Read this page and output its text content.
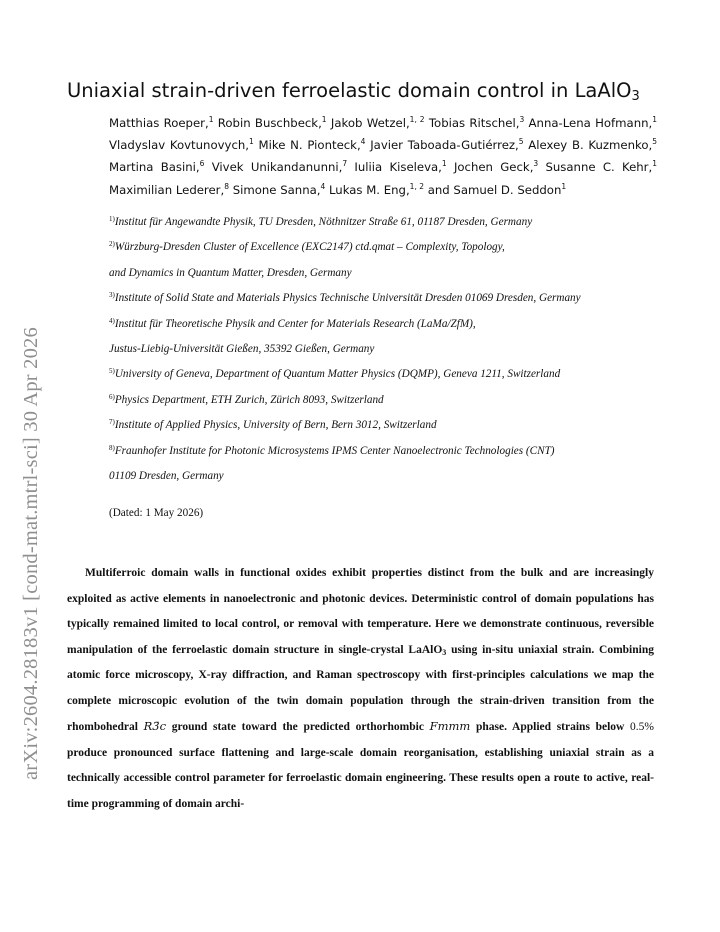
arXiv:2604.28183v1 [cond-mat.mtrl-sci] 30 Apr 2026
Uniaxial strain-driven ferroelastic domain control in LaAlO$_3$
Matthias Roeper,$^1$ Robin Buschbeck,$^1$ Jakob Wetzel,$^{1, 2}$ Tobias Ritschel,$^3$ Anna-Lena Hofmann,$^1$ Vladyslav Kovtunovych,$^1$ Mike N. Pionteck,$^4$ Javier Taboada-Gutiérrez,$^5$ Alexey B. Kuzmenko,$^5$ Martina Basini,$^6$ Vivek Unikandanunni,$^7$ Iuliia Kiseleva,$^1$ Jochen Geck,$^3$ Susanne C. Kehr,$^1$ Maximilian Lederer,$^8$ Simone Sanna,$^4$ Lukas M. Eng,$^{1, 2}$ and Samuel D. Seddon$^1$
$^{1)}$Institut für Angewandte Physik, TU Dresden, Nöthnitzer Straße 61, 01187 Dresden, Germany
$^{2)}$Würzburg-Dresden Cluster of Excellence (EXC2147) ctd.qmat – Complexity, Topology,
and Dynamics in Quantum Matter, Dresden, Germany
$^{3)}$Institute of Solid State and Materials Physics Technische Universität Dresden 01069 Dresden, Germany
$^{4)}$Institut für Theoretische Physik and Center for Materials Research (LaMa/ZfM),
Justus-Liebig-Universität Gießen, 35392 Gießen, Germany
$^{5)}$University of Geneva, Department of Quantum Matter Physics (DQMP), Geneva 1211, Switzerland
$^{6)}$Physics Department, ETH Zurich, Zürich 8093, Switzerland
$^{7)}$Institute of Applied Physics, University of Bern, Bern 3012, Switzerland
$^{8)}$Fraunhofer Institute for Photonic Microsystems IPMS Center Nanoelectronic Technologies (CNT)
01109 Dresden, Germany
(Dated: 1 May 2026)
Multiferroic domain walls in functional oxides exhibit properties distinct from the bulk and are increasingly exploited as active elements in nanoelectronic and photonic devices. Deterministic control of domain populations has typically remained limited to local control, or removal with temperature. Here we demonstrate continuous, reversible manipulation of the ferroelastic domain structure in single-crystal LaAlO$_3$ using in-situ uniaxial strain. Combining atomic force microscopy, X-ray diffraction, and Raman spectroscopy with first-principles calculations we map the complete microscopic evolution of the twin domain population through the strain-driven transition from the rhombohedral R3̄c ground state toward the predicted orthorhombic Fmmm phase. Applied strains below 0.5% produce pronounced surface flattening and large-scale domain reorganisation, establishing uniaxial strain as a technically accessible control parameter for ferroelastic domain engineering. These results open a route to active, real-time programming of domain archi-
